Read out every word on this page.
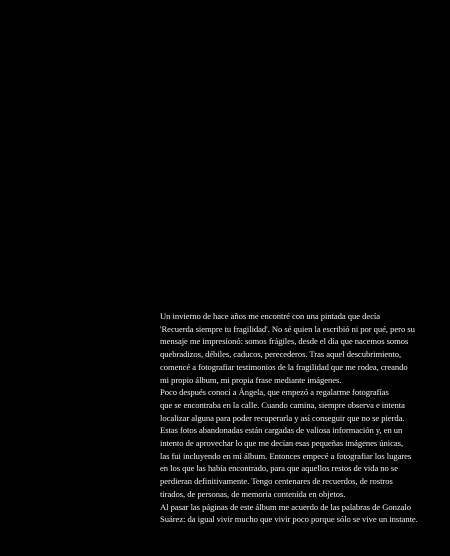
Un invierno de hace años me encontré con una pintada que decía
'Recuerda siempre tu fragilidad'. No sé quien la escribió ni por qué, pero su
mensaje me impresionó: somos frágiles, desde el día que nacemos somos
quebradizos, débiles, caducos, perecederos. Tras aquel descubrimiento,
comencé a fotografiar testimonios de la fragilidad que me rodea, creando
mi propio álbum, mi propia frase mediante imágenes.
Poco después conocí a Ángela, que empezó a regalarme fotografías
que se encontraba en la calle. Cuando camina, siempre observa e intenta
localizar alguna para poder recuperarla y así conseguir que no se pierda.
Estas fotos abandonadas están cargadas de valiosa información y, en un
intento de aprovechar lo que me decían esas pequeñas imágenes únicas,
las fui incluyendo en mi álbum. Entonces empecé a fotografiar los lugares
en los que las había encontrado, para que aquellos restos de vida no se
perdieran definitivamente. Tengo centenares de recuerdos, de rostros
tirados, de personas, de memoria contenida en objetos.
Al pasar las páginas de este álbum me acuerdo de las palabras de Gonzalo
Suárez: da igual vivir mucho que vivir poco porque sólo se vive un instante.
